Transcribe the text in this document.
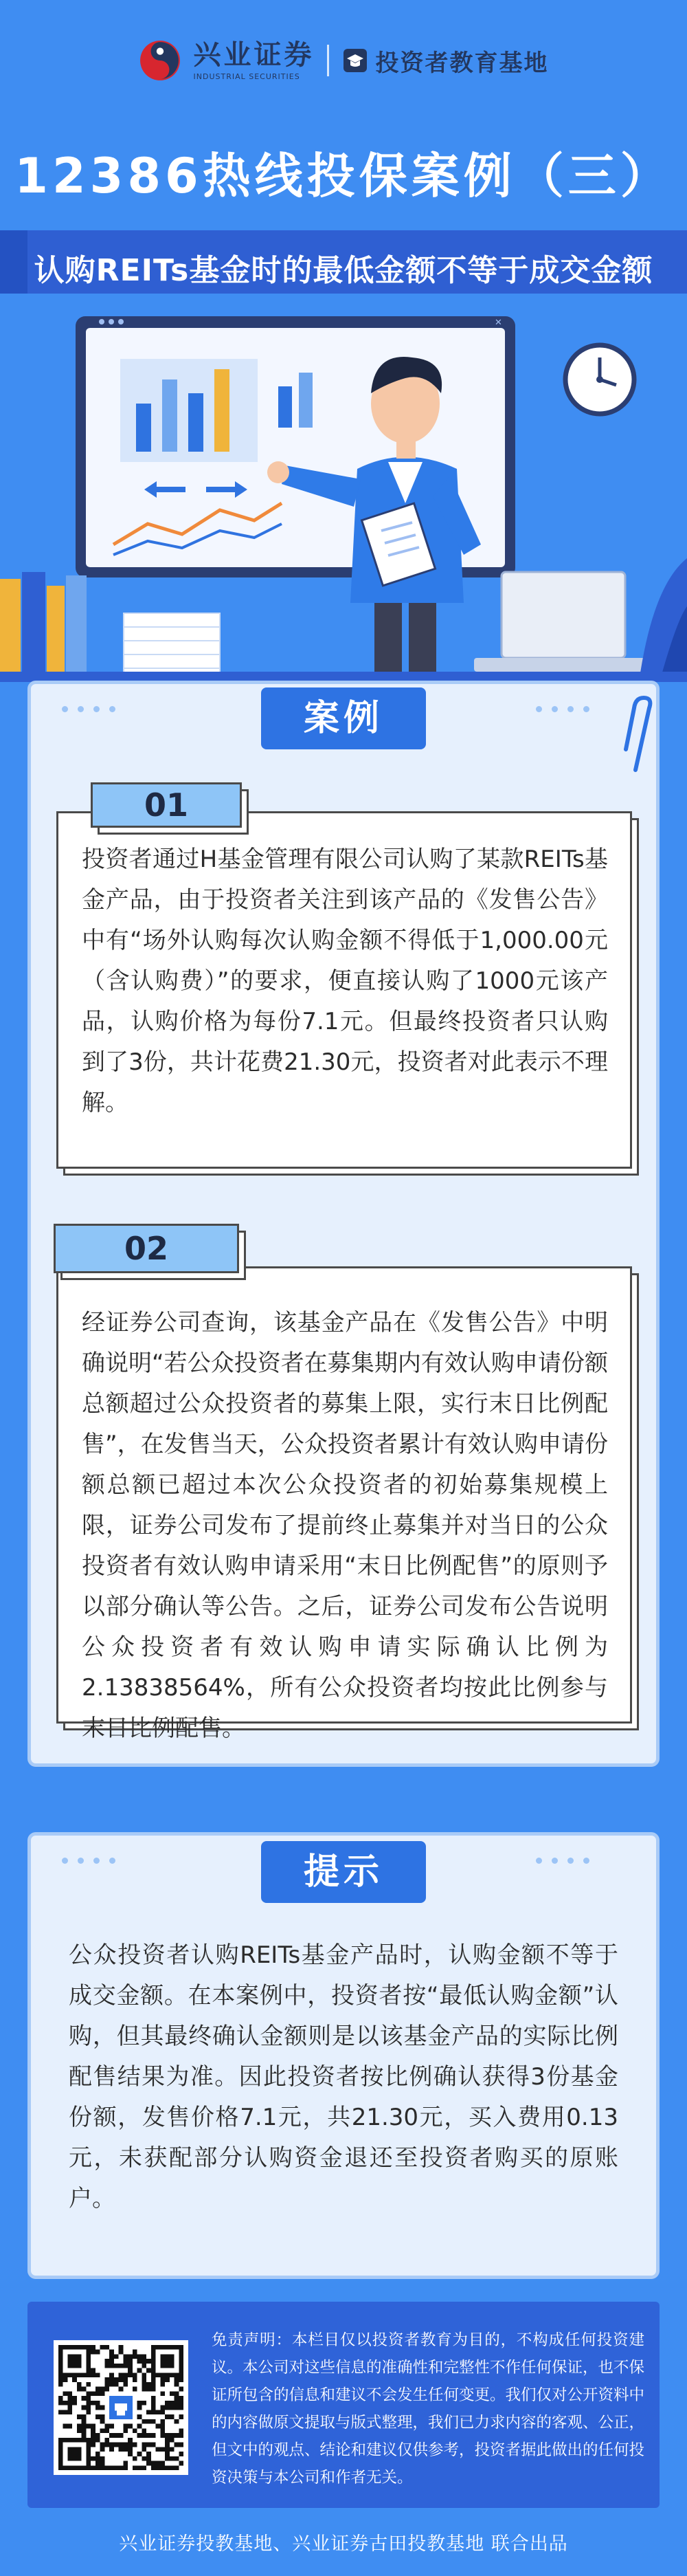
兴业证券
INDUSTRIAL SECURITIES	投资者教育基地
12386热线投保案例（三）
认购REITs基金时的最低金额不等于成交金额
✕
案例

投资者通过H基金管理有限公司认购了某款REITs基金产品，由于投资者关注到该产品的《发售公告》中有“场外认购每次认购金额不得低于1,000.00元（含认购费）”的要求，便直接认购了1000元该产品，认购价格为每份7.1元。但最终投资者只认购到了3份，共计花费21.30元，投资者对此表示不理解。

01

经证券公司查询，该基金产品在《发售公告》中明确说明“若公众投资者在募集期内有效认购申请份额总额超过公众投资者的募集上限，实行末日比例配售”，在发售当天，公众投资者累计有效认购申请份额总额已超过本次公众投资者的初始募集规模上限，证券公司发布了提前终止募集并对当日的公众投资者有效认购申请采用“末日比例配售”的原则予以部分确认等公告。之后，证券公司发布公告说明公众投资者有效认购申请实际确认比例为2.13838564%，所有公众投资者均按此比例参与末日比例配售。

02
提示

公众投资者认购REITs基金产品时，认购金额不等于成交金额。在本案例中，投资者按“最低认购金额”认购，但其最终确认金额则是以该基金产品的实际比例配售结果为准。因此投资者按比例确认获得3份基金份额，发售价格7.1元，共21.30元，买入费用0.13元，未获配部分认购资金退还至投资者购买的原账户。

免责声明：本栏目仅以投资者教育为目的，不构成任何投资建议。本公司对这些信息的准确性和完整性不作任何保证，也不保证所包含的信息和建议不会发生任何变更。我们仅对公开资料中的内容做原文提取与版式整理，我们已力求内容的客观、公正，但文中的观点、结论和建议仅供参考，投资者据此做出的任何投资决策与本公司和作者无关。

兴业证券投教基地、兴业证券古田投教基地 联合出品
